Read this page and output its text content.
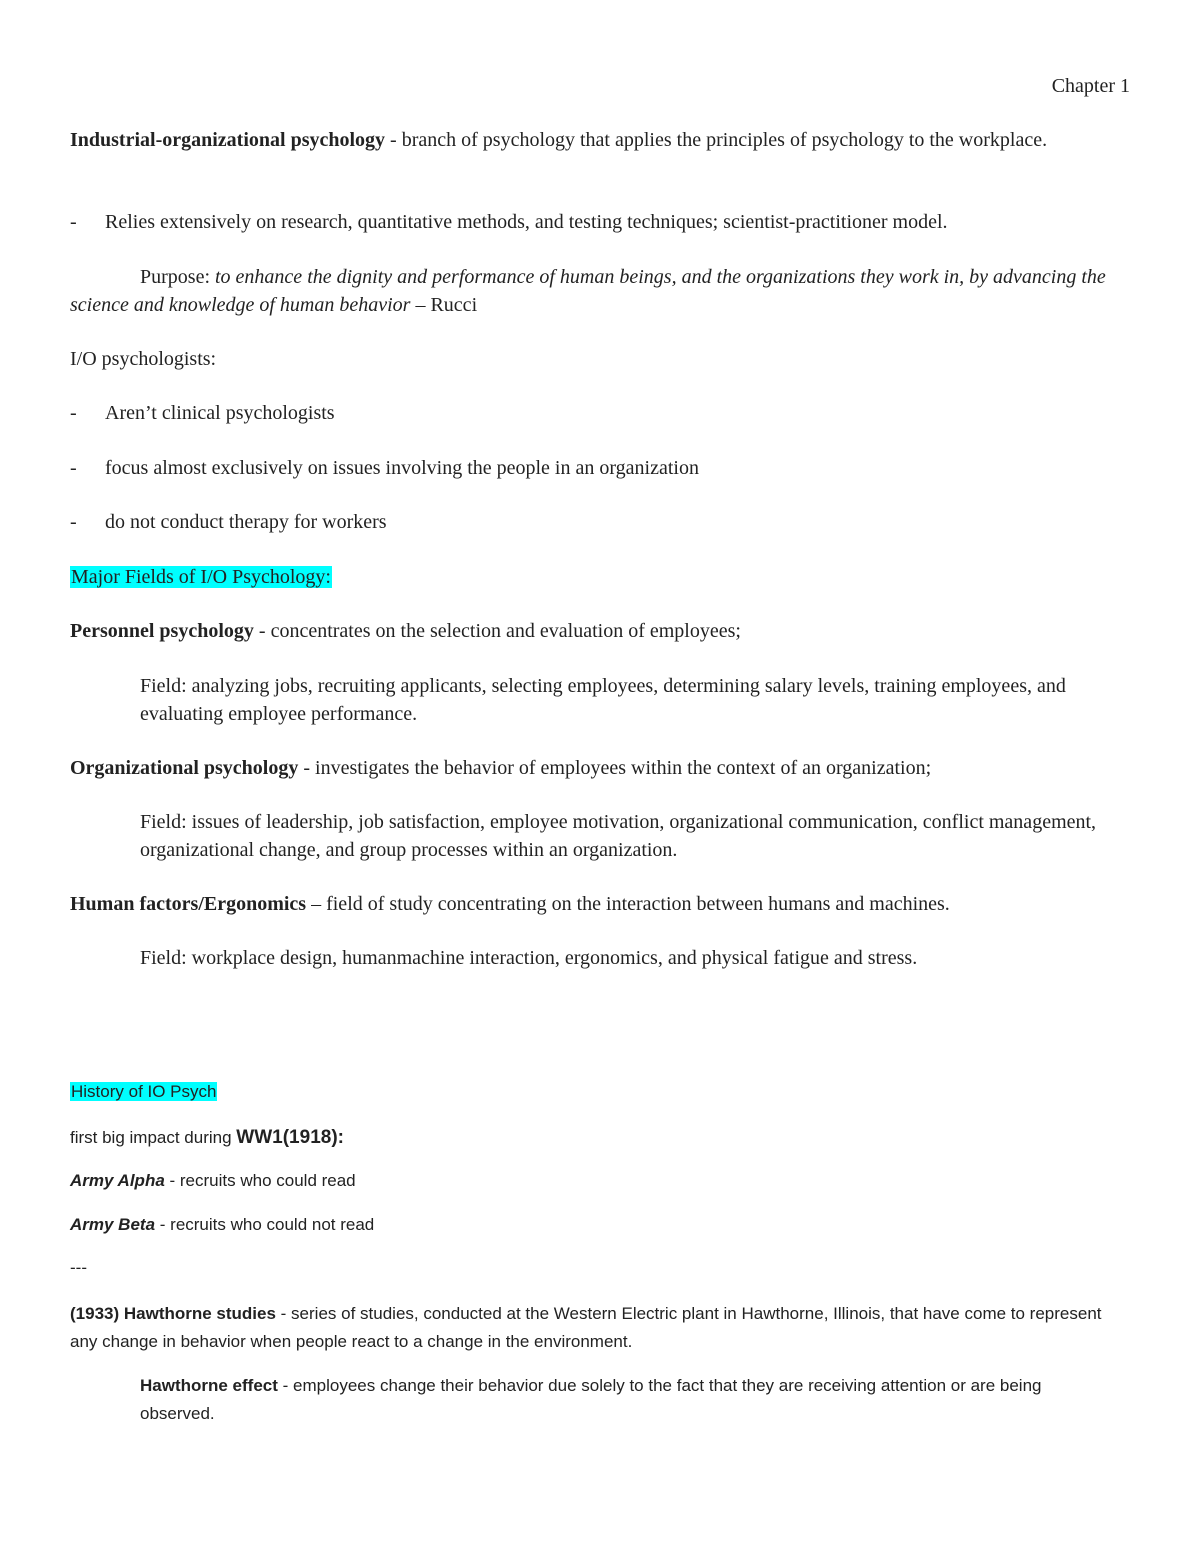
Chapter 1

Industrial-organizational psychology - branch of psychology that applies the principles of psychology to the workplace.

- Relies extensively on research, quantitative methods, and testing techniques; scientist-practitioner model.

Purpose: to enhance the dignity and performance of human beings, and the organizations they work in, by advancing the science and knowledge of human behavior – Rucci

I/O psychologists:

- Aren’t clinical psychologists

- focus almost exclusively on issues involving the people in an organization

- do not conduct therapy for workers

Major Fields of I/O Psychology:

Personnel psychology - concentrates on the selection and evaluation of employees;

Field: analyzing jobs, recruiting applicants, selecting employees, determining salary levels, training employees, and evaluating employee performance.

Organizational psychology - investigates the behavior of employees within the context of an organization;

Field: issues of leadership, job satisfaction, employee motivation, organizational communication, conflict management, organizational change, and group processes within an organization.

Human factors/Ergonomics – field of study concentrating on the interaction between humans and machines.

Field: workplace design, humanmachine interaction, ergonomics, and physical fatigue and stress.

History of IO Psych

first big impact during WW1(1918):

Army Alpha - recruits who could read

Army Beta - recruits who could not read

---

(1933) Hawthorne studies - series of studies, conducted at the Western Electric plant in Hawthorne, Illinois, that have come to represent any change in behavior when people react to a change in the environment.

Hawthorne effect - employees change their behavior due solely to the fact that they are receiving attention or are being observed.
